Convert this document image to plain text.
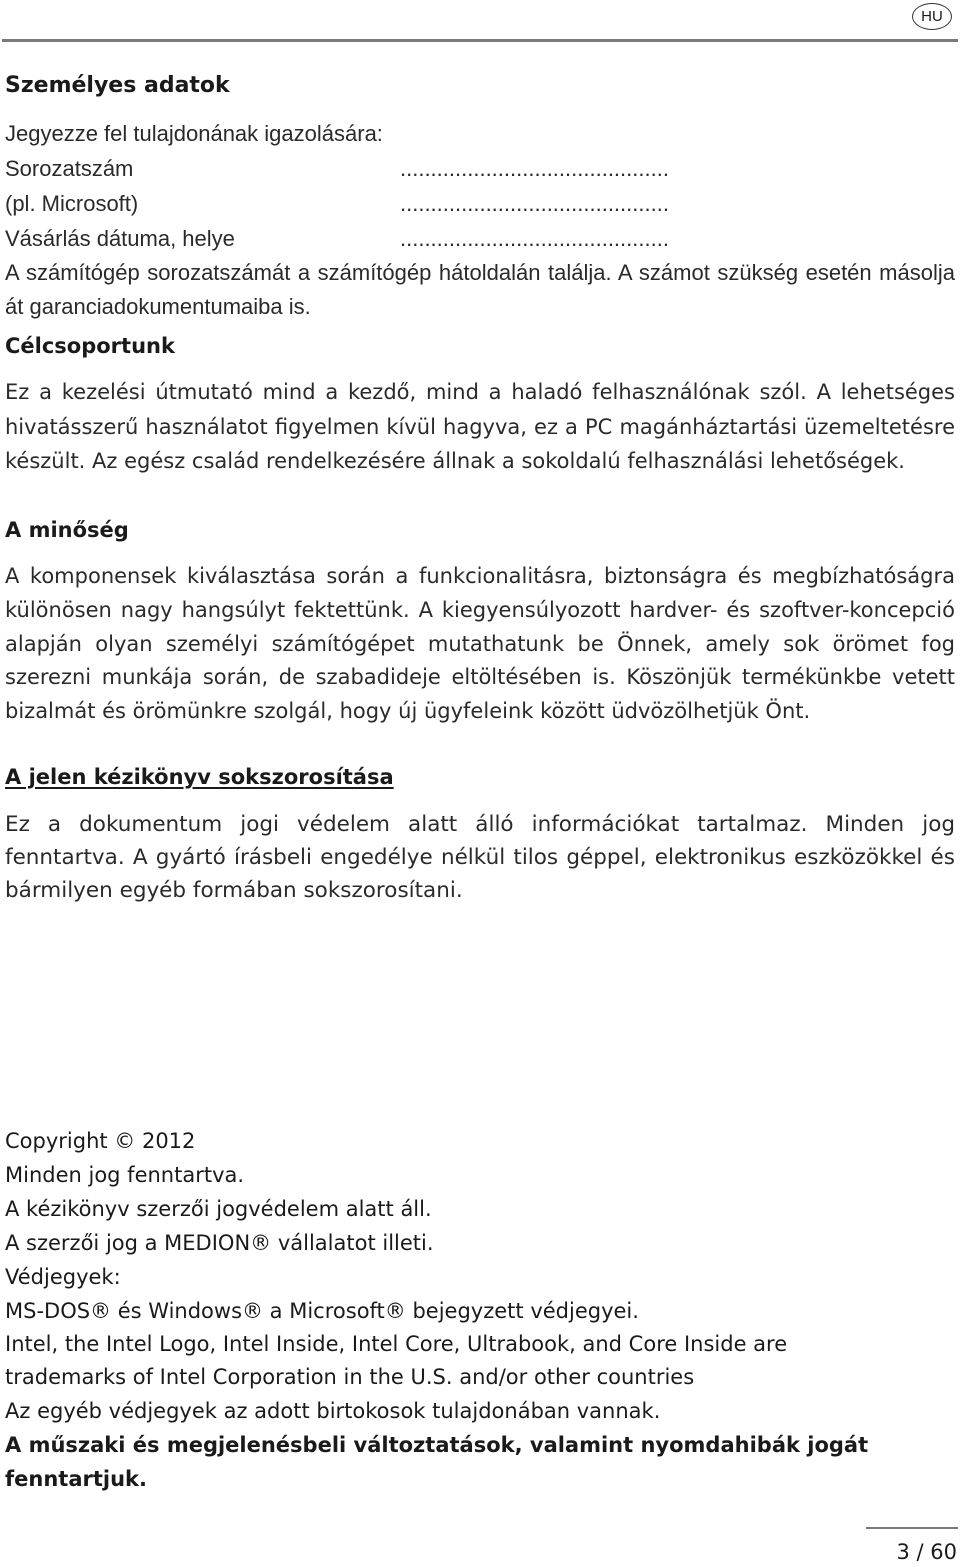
HU
Személyes adatok

Jegyezze fel tulajdonának igazolására:

Sorozatszám	............................................
(pl. Microsoft)	............................................
Vásárlás dátuma, helye	............................................

A számítógép sorozatszámát a számítógép hátoldalán találja. A számot szükség esetén másolja át garanciadokumentumaiba is.

Célcsoportunk

Ez a kezelési útmutató mind a kezdő, mind a haladó felhasználónak szól. A lehetséges hivatásszerű használatot figyelmen kívül hagyva, ez a PC magánháztartási üzemeltetésre készült. Az egész család rendelkezésére állnak a sokoldalú felhasználási lehetőségek.

A minőség

A komponensek kiválasztása során a funkcionalitásra, biztonságra és megbízhatóságra különösen nagy hangsúlyt fektettünk. A kiegyensúlyozott hardver- és szoftver-koncepció alapján olyan személyi számítógépet mutathatunk be Önnek, amely sok örömet fog szerezni munkája során, de szabadideje eltöltésében is. Köszönjük termékünkbe vetett bizalmát és örömünkre szolgál, hogy új ügyfeleink között üdvözölhetjük Önt.

A jelen kézikönyv sokszorosítása

Ez a dokumentum jogi védelem alatt álló információkat tartalmaz. Minden jog fenntartva. A gyártó írásbeli engedélye nélkül tilos géppel, elektronikus eszközökkel és bármilyen egyéb formában sokszorosítani.

Copyright © 2012

Minden jog fenntartva.

A kézikönyv szerzői jogvédelem alatt áll.

A szerzői jog a MEDION® vállalatot illeti.

Védjegyek:

MS-DOS® és Windows® a Microsoft® bejegyzett védjegyei.

Intel, the Intel Logo, Intel Inside, Intel Core, Ultrabook, and Core Inside are

trademarks of Intel Corporation in the U.S. and/or other countries

Az egyéb védjegyek az adott birtokosok tulajdonában vannak.

A műszaki és megjelenésbeli változtatások, valamint nyomdahibák jogát fenntartjuk.

3 / 60
